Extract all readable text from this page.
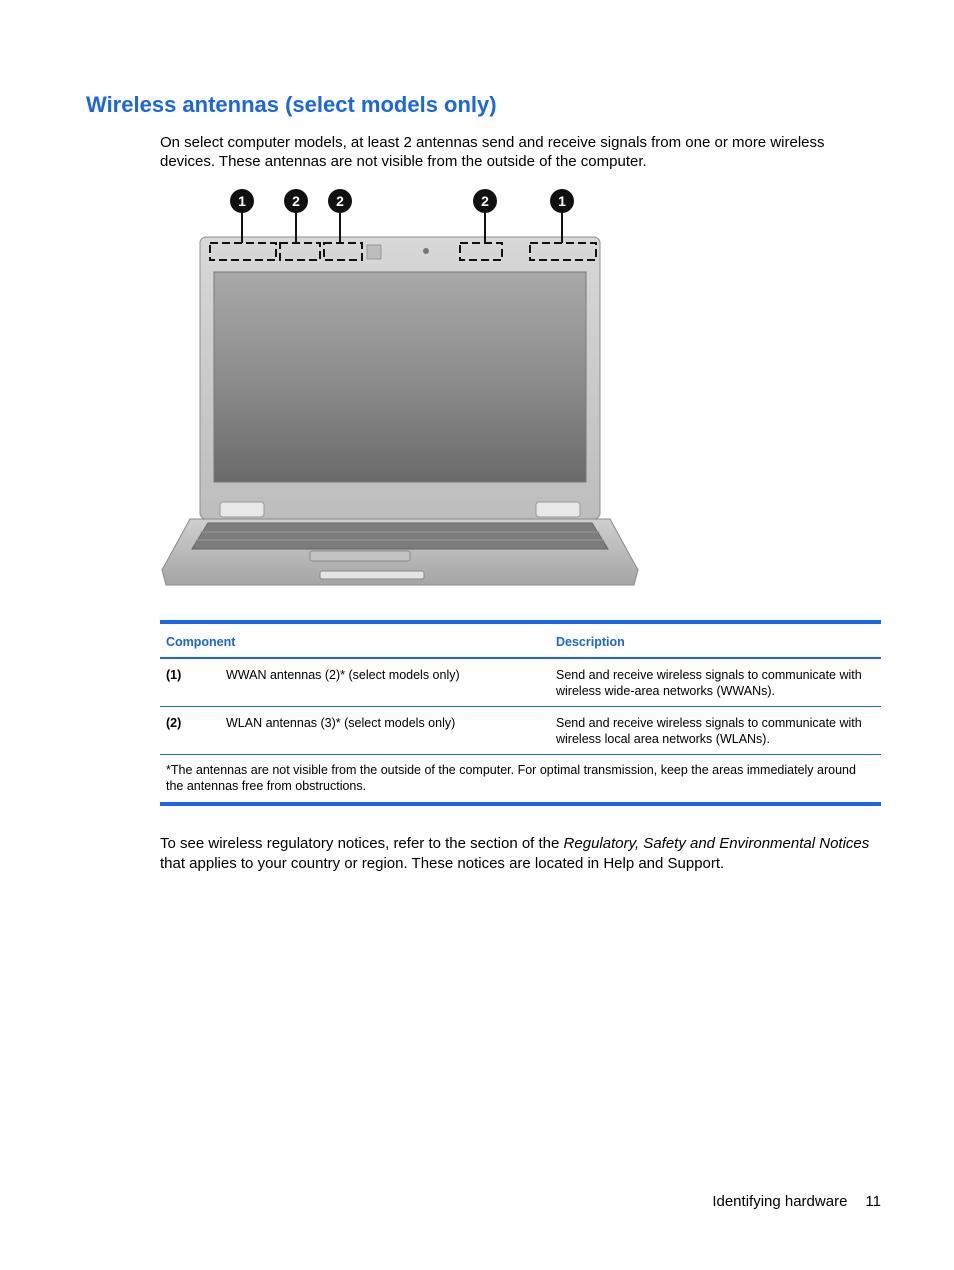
Wireless antennas (select models only)

On select computer models, at least 2 antennas send and receive signals from one or more wireless devices. These antennas are not visible from the outside of the computer.

1	2	2	2	1
Component		Description
(1)	WWAN antennas (2)* (select models only)	Send and receive wireless signals to communicate with wireless wide-area networks (WWANs).
(2)	WLAN antennas (3)* (select models only)	Send and receive wireless signals to communicate with wireless local area networks (WLANs).
*The antennas are not visible from the outside of the computer. For optimal transmission, keep the areas immediately around the antennas free from obstructions.		

To see wireless regulatory notices, refer to the section of the Regulatory, Safety and Environmental Notices that applies to your country or region. These notices are located in Help and Support.

Identifying hardware 11
